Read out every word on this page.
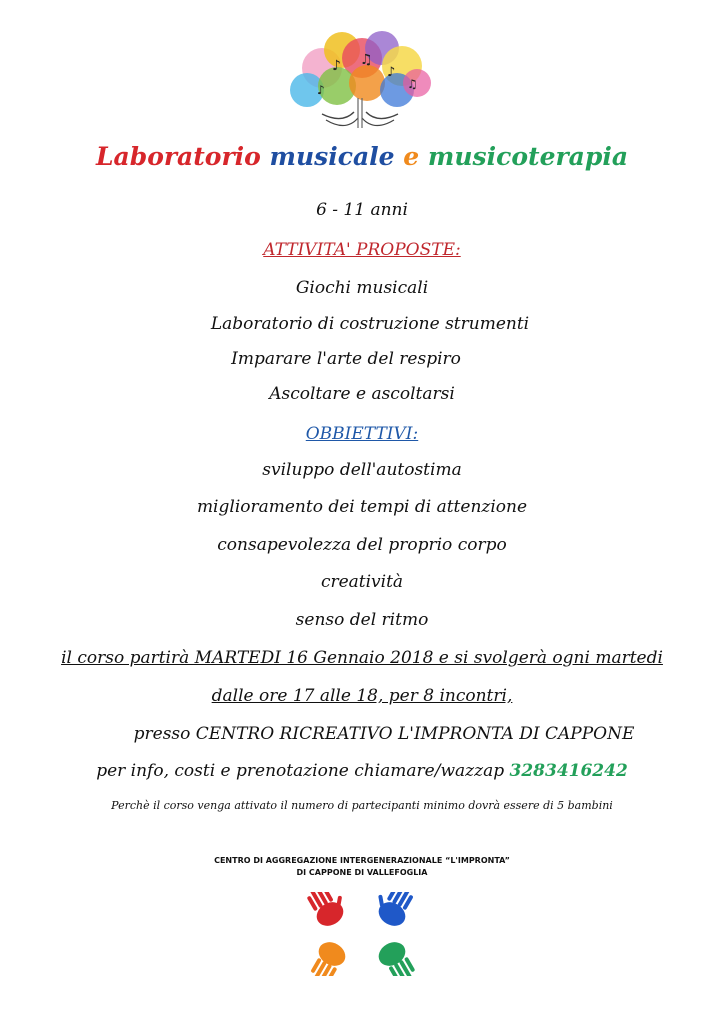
♪ ♫
♪
♫
♪
Laboratorio musicale e musicoterapia
6 - 11 anni
ATTIVITA' PROPOSTE:
Giochi musicali
Laboratorio di costruzione strumenti
Imparare l'arte del respiro
Ascoltare e ascoltarsi
OBBIETTIVI:
sviluppo dell'autostima
miglioramento dei tempi di attenzione
consapevolezza del proprio corpo
creatività
senso del ritmo
il corso partirà MARTEDI 16 Gennaio 2018 e si svolgerà ogni martedi
dalle ore 17 alle 18, per 8 incontri,
presso CENTRO RICREATIVO L'IMPRONTA DI CAPPONE
per info, costi e prenotazione chiamare/wazzap 3283416242
Perchè il corso venga attivato il numero di partecipanti minimo dovrà essere di 5 bambini
CENTRO DI AGGREGAZIONE INTERGENERAZIONALE “L'IMPRONTA”
DI CAPPONE DI VALLEFOGLIA
